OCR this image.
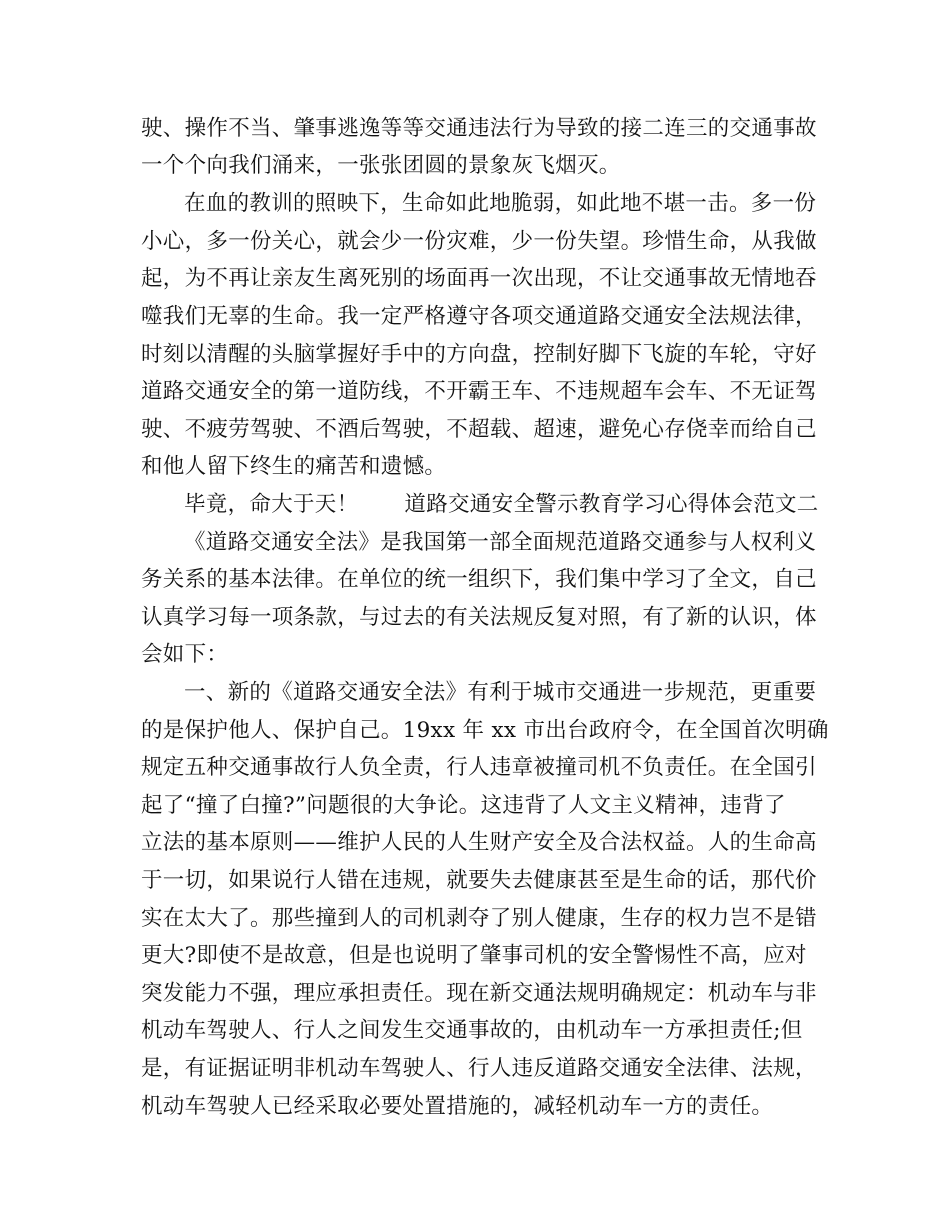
驶、操作不当、肇事逃逸等等交通违法行为导致的接二连三的交通事故
一个个向我们涌来，一张张团圆的景象灰飞烟灭。
在血的教训的照映下，生命如此地脆弱，如此地不堪一击。多一份
小心，多一份关心，就会少一份灾难，少一份失望。珍惜生命，从我做
起，为不再让亲友生离死别的场面再一次出现，不让交通事故无情地吞
噬我们无辜的生命。我一定严格遵守各项交通道路交通安全法规法律，
时刻以清醒的头脑掌握好手中的方向盘，控制好脚下飞旋的车轮，守好
道路交通安全的第一道防线，不开霸王车、不违规超车会车、不无证驾
驶、不疲劳驾驶、不酒后驾驶，不超载、超速，避免心存侥幸而给自己
和他人留下终生的痛苦和遗憾。
毕竟，命大于天！ 道路交通安全警示教育学习心得体会范文二
《道路交通安全法》是我国第一部全面规范道路交通参与人权利义
务关系的基本法律。在单位的统一组织下，我们集中学习了全文，自己
认真学习每一项条款，与过去的有关法规反复对照，有了新的认识，体
会如下：
一、新的《道路交通安全法》有利于城市交通进一步规范，更重要
的是保护他人、保护自己。19xx 年 xx 市出台政府令，在全国首次明确
规定五种交通事故行人负全责，行人违章被撞司机不负责任。在全国引
起了“撞了白撞?”问题很的大争论。这违背了人文主义精神，违背了
立法的基本原则——维护人民的人生财产安全及合法权益。人的生命高
于一切，如果说行人错在违规，就要失去健康甚至是生命的话，那代价
实在太大了。那些撞到人的司机剥夺了别人健康，生存的权力岂不是错
更大?即使不是故意，但是也说明了肇事司机的安全警惕性不高，应对
突发能力不强，理应承担责任。现在新交通法规明确规定：机动车与非
机动车驾驶人、行人之间发生交通事故的，由机动车一方承担责任;但
是，有证据证明非机动车驾驶人、行人违反道路交通安全法律、法规，
机动车驾驶人已经采取必要处置措施的，减轻机动车一方的责任。
